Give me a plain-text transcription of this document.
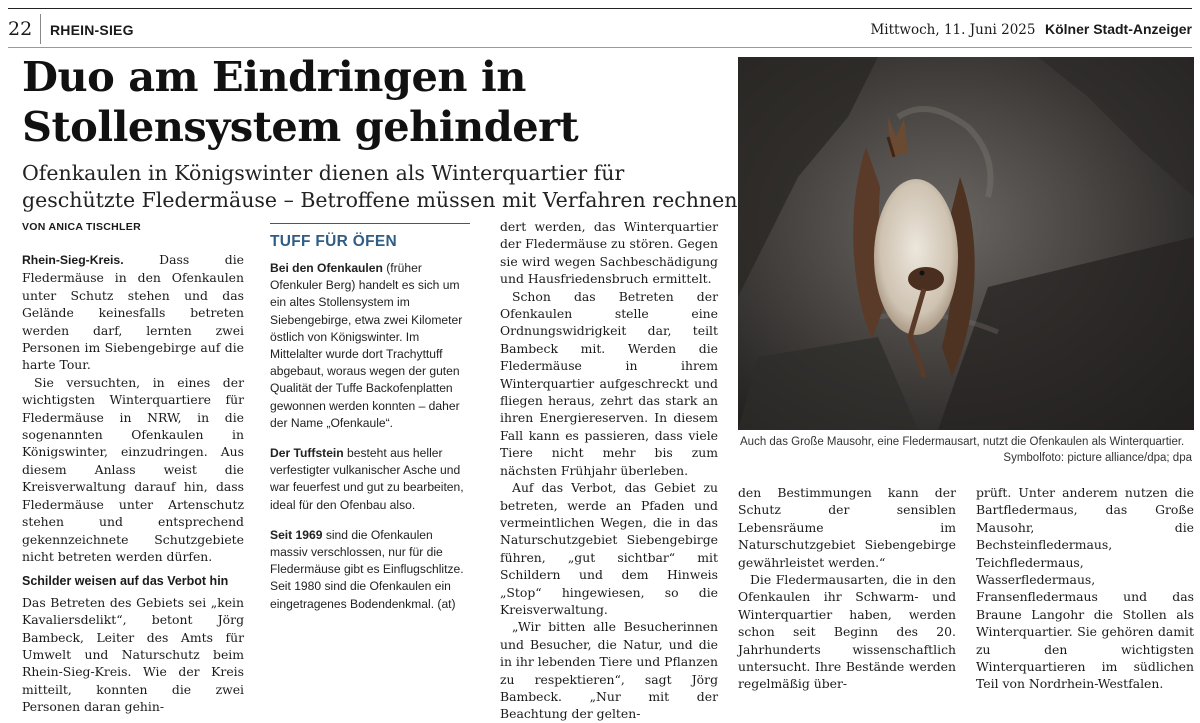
22 RHEIN-SIEG	Mittwoch, 11. Juni 2025 Kölner Stadt-Anzeiger
Duo am Eindringen in Stollensystem gehindert
Ofenkaulen in Königswinter dienen als Winterquartier für geschützte Fledermäuse – Betroffene müssen mit Verfahren rechnen
VON ANICA TISCHLER

Rhein-Sieg-Kreis. Dass die Fledermäuse in den Ofenkaulen unter Schutz stehen und das Gelände keinesfalls betreten werden darf, lernten zwei Personen im Siebengebirge auf die harte Tour.

Sie versuchten, in eines der wichtigsten Winterquartiere für Fledermäuse in NRW, in die sogenannten Ofenkaulen in Königswinter, einzudringen. Aus diesem Anlass weist die Kreisverwaltung darauf hin, dass Fledermäuse unter Artenschutz stehen und entsprechend gekennzeichnete Schutzgebiete nicht betreten werden dürfen.

Schilder weisen auf das Verbot hin

Das Betreten des Gebiets sei „kein Kavaliersdelikt“, betont Jörg Bambeck, Leiter des Amts für Umwelt und Naturschutz beim Rhein-Sieg-Kreis. Wie der Kreis mitteilt, konnten die zwei Personen daran gehin-

TUFF FÜR ÖFEN

Bei den Ofenkaulen (früher Ofenkuler Berg) handelt es sich um ein altes Stollensystem im Siebengebirge, etwa zwei Kilometer östlich von Königswinter. Im Mittelalter wurde dort Trachyttuff abgebaut, woraus wegen der guten Qualität der Tuffe Backofenplatten gewonnen werden konnten – daher der Name „Ofenkaule“.

Der Tuffstein besteht aus heller verfestigter vulkanischer Asche und war feuerfest und gut zu bearbeiten, ideal für den Ofenbau also.

Seit 1969 sind die Ofenkaulen massiv verschlossen, nur für die Fledermäuse gibt es Einflugschlitze. Seit 1980 sind die Ofenkaulen ein eingetragenes Bodendenkmal. (at)

dert werden, das Winterquartier der Fledermäuse zu stören. Gegen sie wird wegen Sachbeschädigung und Hausfriedensbruch ermittelt.

Schon das Betreten der Ofenkaulen stelle eine Ordnungswidrigkeit dar, teilt Bambeck mit. Werden die Fledermäuse in ihrem Winterquartier aufgeschreckt und fliegen heraus, zehrt das stark an ihren Energiereserven. In diesem Fall kann es passieren, dass viele Tiere nicht mehr bis zum nächsten Frühjahr überleben.

Auf das Verbot, das Gebiet zu betreten, werde an Pfaden und vermeintlichen Wegen, die in das Naturschutzgebiet Siebengebirge führen, „gut sichtbar“ mit Schildern und dem Hinweis „Stop“ hingewiesen, so die Kreisverwaltung.

„Wir bitten alle Besucherinnen und Besucher, die Natur, und die in ihr lebenden Tiere und Pflanzen zu respektieren“, sagt Jörg Bambeck. „Nur mit der Beachtung der gelten-

Auch das Große Mausohr, eine Fledermausart, nutzt die Ofenkaulen als Winterquartier.
Symbolfoto: picture alliance/dpa; dpa

den Bestimmungen kann der Schutz der sensiblen Lebensräume im Naturschutzgebiet Siebengebirge gewährleistet werden.“

Die Fledermausarten, die in den Ofenkaulen ihr Schwarm- und Winterquartier haben, werden schon seit Beginn des 20. Jahrhunderts wissenschaftlich untersucht. Ihre Bestände werden regelmäßig über-

prüft. Unter anderem nutzen die Bartfledermaus, das Große Mausohr, die Bechsteinfledermaus, Teichfledermaus, Wasserfledermaus, Fransenfledermaus und das Braune Langohr die Stollen als Winterquartier. Sie gehören damit zu den wichtigsten Winterquartieren im südlichen Teil von Nordrhein-Westfalen.
